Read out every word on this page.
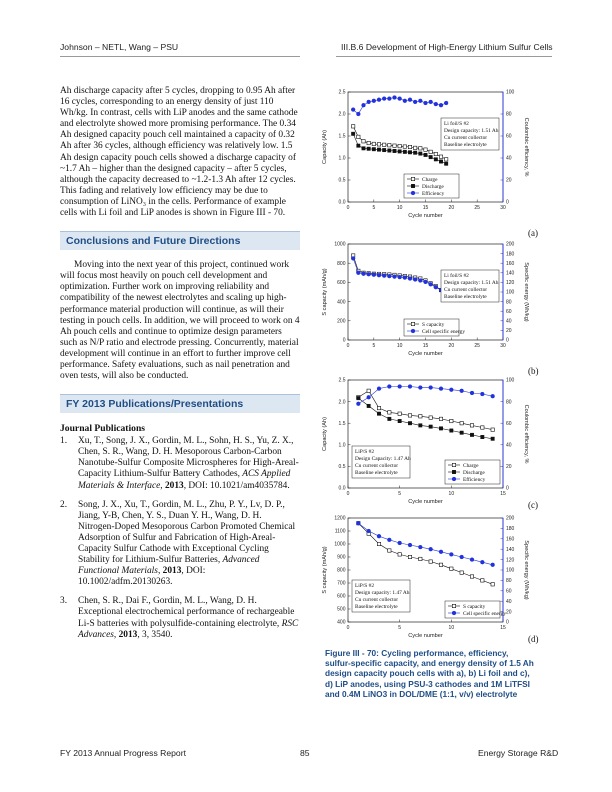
Johnson – NETL, Wang – PSU	III.B.6 Development of High-Energy Lithium Sulfur Cells

Ah discharge capacity after 5 cycles, dropping to 0.95 Ah after 16 cycles, corresponding to an energy density of just 110 Wh/kg. In contrast, cells with LiP anodes and the same cathode and electrolyte showed more promising performance. The 0.34 Ah designed capacity pouch cell maintained a capacity of 0.32 Ah after 36 cycles, although efficiency was relatively low. 1.5 Ah design capacity pouch cells showed a discharge capacity of ~1.7 Ah – higher than the designed capacity – after 5 cycles, although the capacity decreased to ~1.2-1.3 Ah after 12 cycles. This fading and relatively low efficiency may be due to consumption of LiNO₃ in the cells. Performance of example cells with Li foil and LiP anodes is shown in Figure III - 70.

Conclusions and Future Directions

Moving into the next year of this project, continued work will focus most heavily on pouch cell development and optimization. Further work on improving reliability and compatibility of the newest electrolytes and scaling up high-performance material production will continue, as will their testing in pouch cells. In addition, we will proceed to work on 4 Ah pouch cells and continue to optimize design parameters such as N/P ratio and electrode pressing. Concurrently, material development will continue in an effort to further improve cell performance. Safety evaluations, such as nail penetration and oven tests, will also be conducted.

FY 2013 Publications/Presentations

Journal Publications

1. Xu, T., Song, J. X., Gordin, M. L., Sohn, H. S., Yu, Z. X., Chen, S. R., Wang, D. H. Mesoporous Carbon-Carbon Nanotube-Sulfur Composite Microspheres for High-Areal-Capacity Lithium-Sulfur Battery Cathodes, ACS Applied Materials & Interface, 2013, DOI: 10.1021/am4035784.
2. Song, J. X., Xu, T., Gordin, M. L., Zhu, P. Y., Lv, D. P., Jiang, Y-B, Chen, Y. S., Duan Y. H., Wang, D. H. Nitrogen-Doped Mesoporous Carbon Promoted Chemical Adsorption of Sulfur and Fabrication of High-Areal-Capacity Sulfur Cathode with Exceptional Cycling Stability for Lithium-Sulfur Batteries, Advanced Functional Materials, 2013, DOI: 10.1002/adfm.20130263.
3. Chen, S. R., Dai F., Gordin, M. L., Wang, D. H. Exceptional electrochemical performance of rechargeable Li-S batteries with polysulfide-containing electrolyte, RSC Advances, 2013, 3, 3540.
0	5	10	15	20	25	30
0.0
0.5
1.0
1.5
2.0
2.5
0
20
40
60
80
100
Cycle number
Capacity (Ah)	Coulombic efficiency, %
Li foil/S #2
Design capacity: 1.51 Ah
Cu current collector
Baseline electrolyte
Charge
Discharge
Efficiency
0	5	10	15	20	25	30
0
200
400
600
800
1000
0
20
40
60
80
100
120
140
160
180
200
Cycle number
S capacity (mAh/g)	Specific energy (Wh/kg)
Li foil/S #2
Design capacity: 1.51 Ah
Cu current collector
Baseline electrolyte
S capacity
Cell specific energy
0	5	10	15
0.0
0.5
1.0
1.5
2.0
2.5
0
20
40
60
80
100
Cycle number
Capacity (Ah)	Coulombic efficiency, %
LiP/S #2
Design Capacity: 1.47 Ah
Cu current collector
Baseline electrolyte
Charge
Discharge
Efficiency
0	5	10	15
400
500
600
700
800
900
1000
1100
1200
0
20
40
60
80
100
120
140
160
180
200
Cycle number
S capacity (mAh/g)	Specific energy (Wh/kg)
LiP/S #2
Design capacity: 1.47 Ah
Cu current collector
Baseline electrolyte	S capacity
Cell specific energy
(a)
(b)
(c)
(d)
Figure III - 70: Cycling performance, efficiency, sulfur-specific capacity, and energy density of 1.5 Ah design capacity pouch cells with a), b) Li foil and c), d) LiP anodes, using PSU-3 cathodes and 1M LiTFSI and 0.4M LiNO3 in DOL/DME (1:1, v/v) electrolyte
FY 2013 Annual Progress Report	85	Energy Storage R&D
